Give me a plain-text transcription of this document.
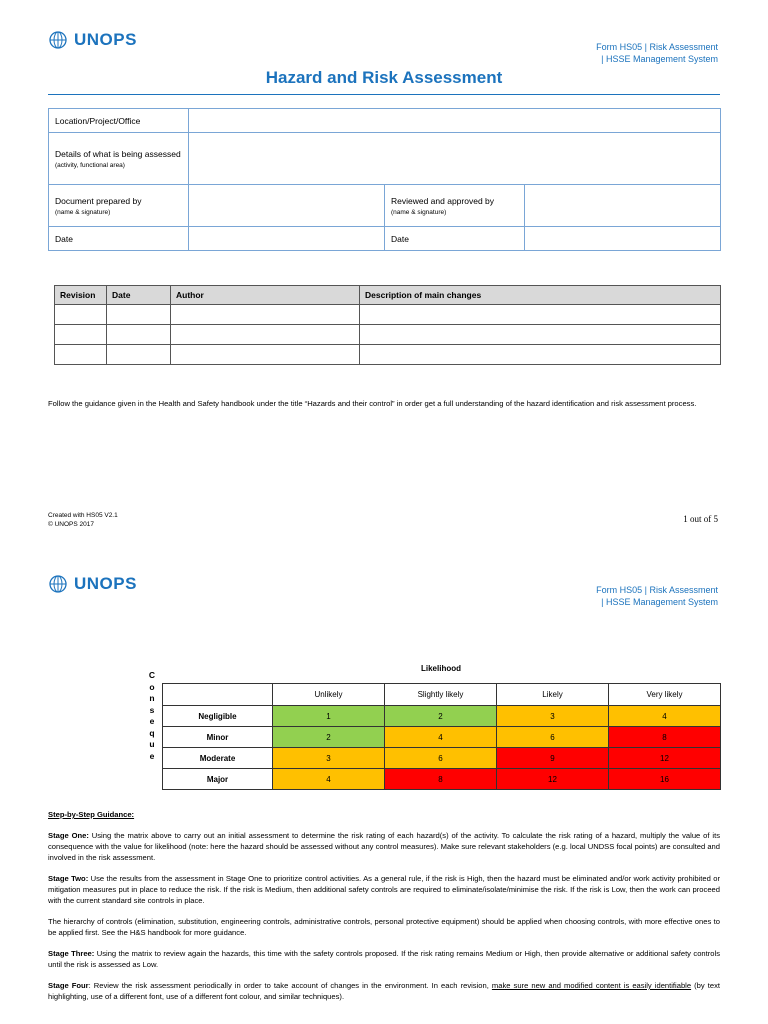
UNOPS	Form HS05 | Risk Assessment
| HSSE Management System
Hazard and Risk Assessment
Location/Project/Office			
Details of what is being assessed
(activity, functional area)			

Document prepared by
(name & signature)		Reviewed and approved by
(name & signature)	

Date		Date	
Revision	Date	Author	Description of main changes

Follow the guidance given in the Health and Safety handbook under the title “Hazards and their control” in order get a full understanding of the hazard identification and risk assessment process.
Created with HS05 V2.1
© UNOPS 2017
1 out of 5
UNOPS	Form HS05 | Risk Assessment
| HSSE Management System
Likelihood
C
o
n
s
e
q
u
e
	Unlikely	Slightly likely	Likely	Very likely
Negligible	1	2	3	4
Minor	2	4	6	8
Moderate	3	6	9	12
Major	4	8	12	16

Step-by-Step Guidance:

Stage One: Using the matrix above to carry out an initial assessment to determine the risk rating of each hazard(s) of the activity. To calculate the risk rating of a hazard, multiply the value of its consequence with the value for likelihood (note: here the hazard should be assessed without any control measures). Make sure relevant stakeholders (e.g. local UNDSS focal points) are consulted and involved in the risk assessment.

Stage Two: Use the results from the assessment in Stage One to prioritize control activities. As a general rule, if the risk is High, then the hazard must be eliminated and/or work activity prohibited or mitigation measures put in place to reduce the risk. If the risk is Medium, then additional safety controls are required to eliminate/isolate/minimise the risk. If the risk is Low, then the work can proceed with the current standard site controls in place.

The hierarchy of controls (elimination, substitution, engineering controls, administrative controls, personal protective equipment) should be applied when choosing controls, with more effective ones to be applied first. See the H&S handbook for more guidance.

Stage Three: Using the matrix to review again the hazards, this time with the safety controls proposed. If the risk rating remains Medium or High, then provide alternative or additional safety controls until the risk is assessed as Low.

Stage Four: Review the risk assessment periodically in order to take account of changes in the environment. In each revision, make sure new and modified content is easily identifiable (by text highlighting, use of a different font, use of a different font colour, and similar techniques).
